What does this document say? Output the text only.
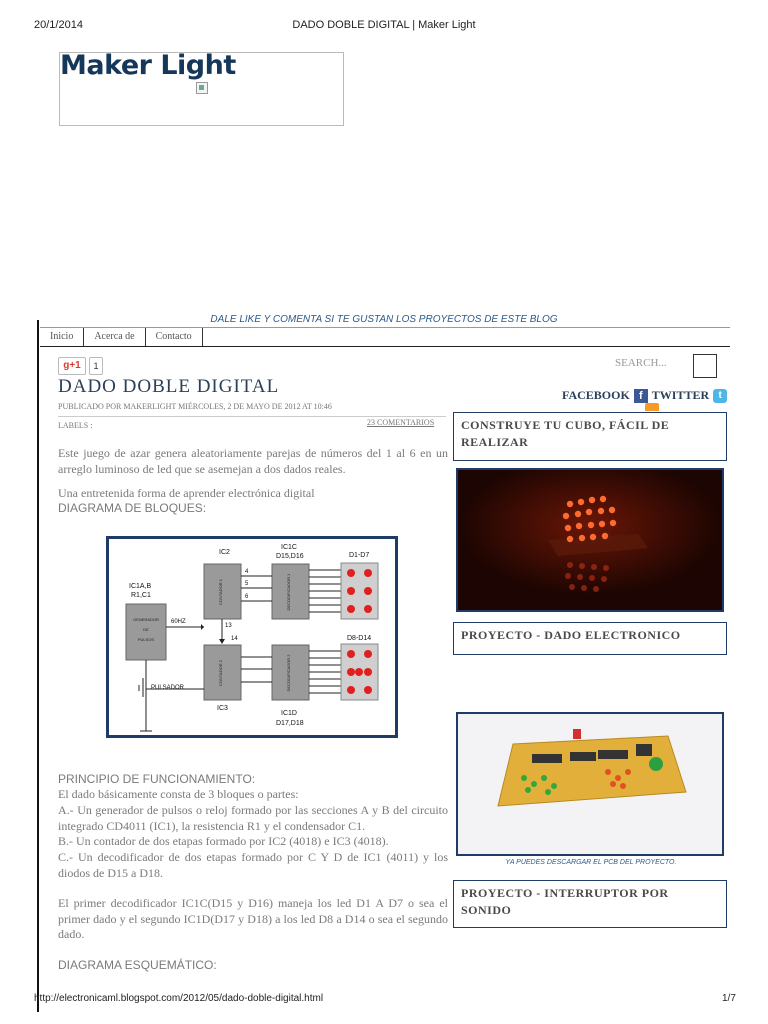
20/1/2014	DADO DOBLE DIGITAL | Maker Light
Maker Light
DALE LIKE Y COMENTA SI TE GUSTAN LOS PROYECTOS DE ESTE BLOG
Inicio	Acerca de	Contacto
g+1	1
DADO DOBLE DIGITAL
PUBLICADO POR MAKERLIGHT MIÉRCOLES, 2 DE MAYO DE 2012 AT 10:46
LABELS :	23 COMENTARIOS
Este juego de azar genera aleatoriamente parejas de números del 1 al 6 en un arreglo luminoso de led que se asemejan a dos dados reales.
Una entretenida forma de aprender electrónica digital
DIAGRAMA DE BLOQUES:
IC2
IC1C
D15,D16	D1-D7
IC1A,B
R1,C1
4
5
6
60HZ
13
14	D8-D14
PULSADOR
IC3
IC1D
D17,D18
GENERADOR
DE
PULSOS
CONTADOR 1
CONTADOR 2
DECODIFICADOR 1
DECODIFICADOR 2
PRINCIPIO DE FUNCIONAMIENTO:
El dado básicamente consta de 3 bloques o partes:
A.- Un generador de pulsos o reloj formado por las secciones A y B del circuito integrado CD4011 (IC1), la resistencia R1 y el condensador C1.
B.- Un contador de dos etapas formado por IC2 (4018) e IC3 (4018).
C.- Un decodificador de dos etapas formado por C Y D de IC1 (4011) y los diodos de D15 a D18.
El primer decodificador IC1C(D15 y D16) maneja los led D1 A D7 o sea el primer dado y el segundo IC1D(D17 y D18) a los led D8 a D14 o sea el segundo dado.
DIAGRAMA ESQUEMÁTICO:
SEARCH...
FACEBOOK f TWITTER t
CONSTRUYE TU CUBO, FÁCIL DE REALIZAR
PROYECTO - DADO ELECTRONICO
YA PUEDES DESCARGAR EL PCB DEL PROYECTO.
PROYECTO - INTERRUPTOR POR SONIDO
http://electronicaml.blogspot.com/2012/05/dado-doble-digital.html	1/7
